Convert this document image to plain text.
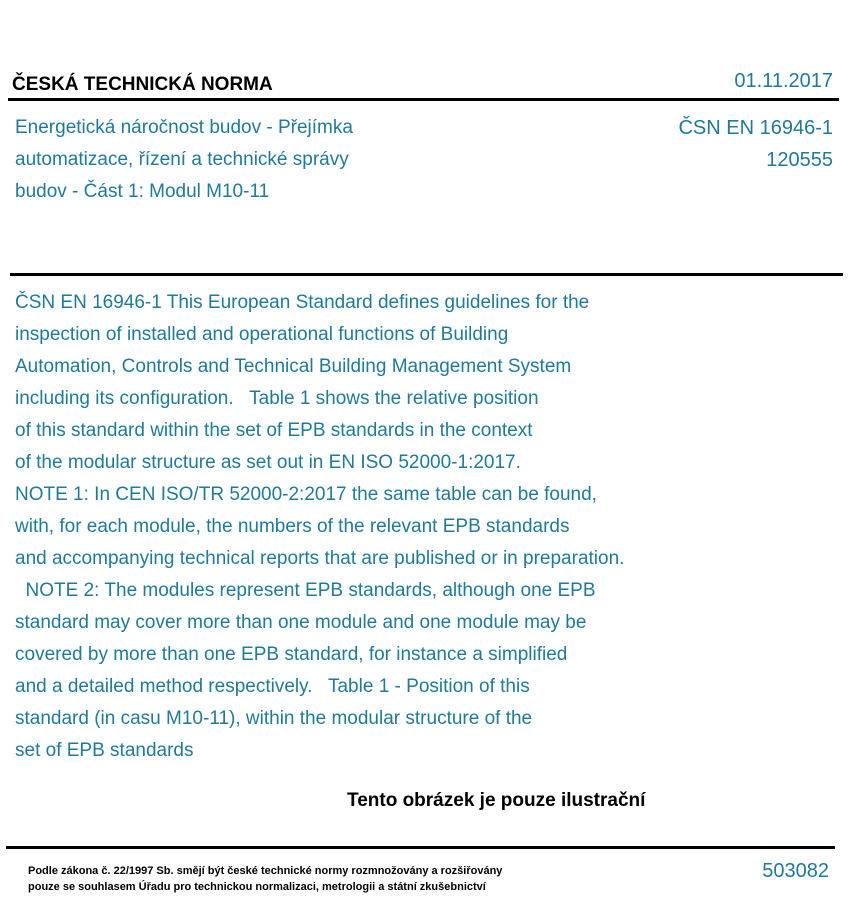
ČESKÁ TECHNICKÁ NORMA	01.11.2017
Energetická náročnost budov - Přejímka
automatizace, řízení a technické správy
budov - Část 1: Modul M10-11
ČSN EN 16946-1
120555
ČSN EN 16946-1 This European Standard defines guidelines for the
inspection of installed and operational functions of Building
Automation, Controls and Technical Building Management System
including its configuration.   Table 1 shows the relative position
of this standard within the set of EPB standards in the context
of the modular structure as set out in EN ISO 52000-1:2017.
NOTE 1: In CEN ISO/TR 52000-2:2017 the same table can be found,
with, for each module, the numbers of the relevant EPB standards
and accompanying technical reports that are published or in preparation.
NOTE 2: The modules represent EPB standards, although one EPB
standard may cover more than one module and one module may be
covered by more than one EPB standard, for instance a simplified
and a detailed method respectively.   Table 1 - Position of this
standard (in casu M10-11), within the modular structure of the
set of EPB standards
Tento obrázek je pouze ilustrační
Podle zákona č. 22/1997 Sb. smějí být české technické normy rozmnožovány a rozšiřovány
pouze se souhlasem Úřadu pro technickou normalizaci, metrologii a státní zkušebnictví
503082
